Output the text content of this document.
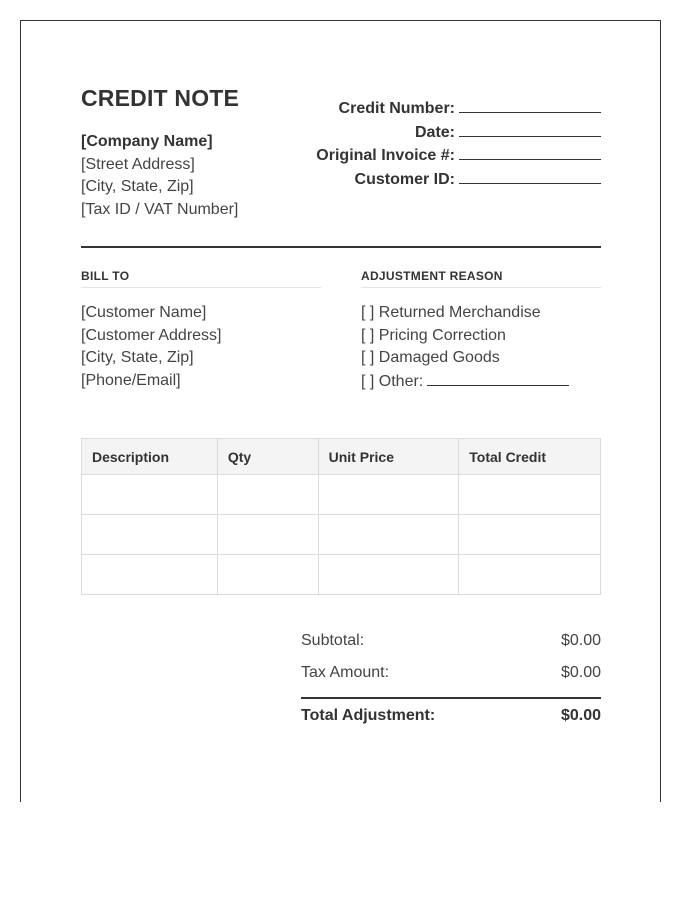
CREDIT NOTE
[Company Name]
[Street Address]
[City, State, Zip]
[Tax ID / VAT Number]
Credit Number:
Date:
Original Invoice #:
Customer ID:
BILL TO
[Customer Name]
[Customer Address]
[City, State, Zip]
[Phone/Email]
ADJUSTMENT REASON
[ ] Returned Merchandise
[ ] Pricing Correction
[ ] Damaged Goods
[ ] Other:
Description	Qty	Unit Price	Total Credit

Subtotal:	$0.00
Tax Amount:	$0.00
Total Adjustment:	$0.00
